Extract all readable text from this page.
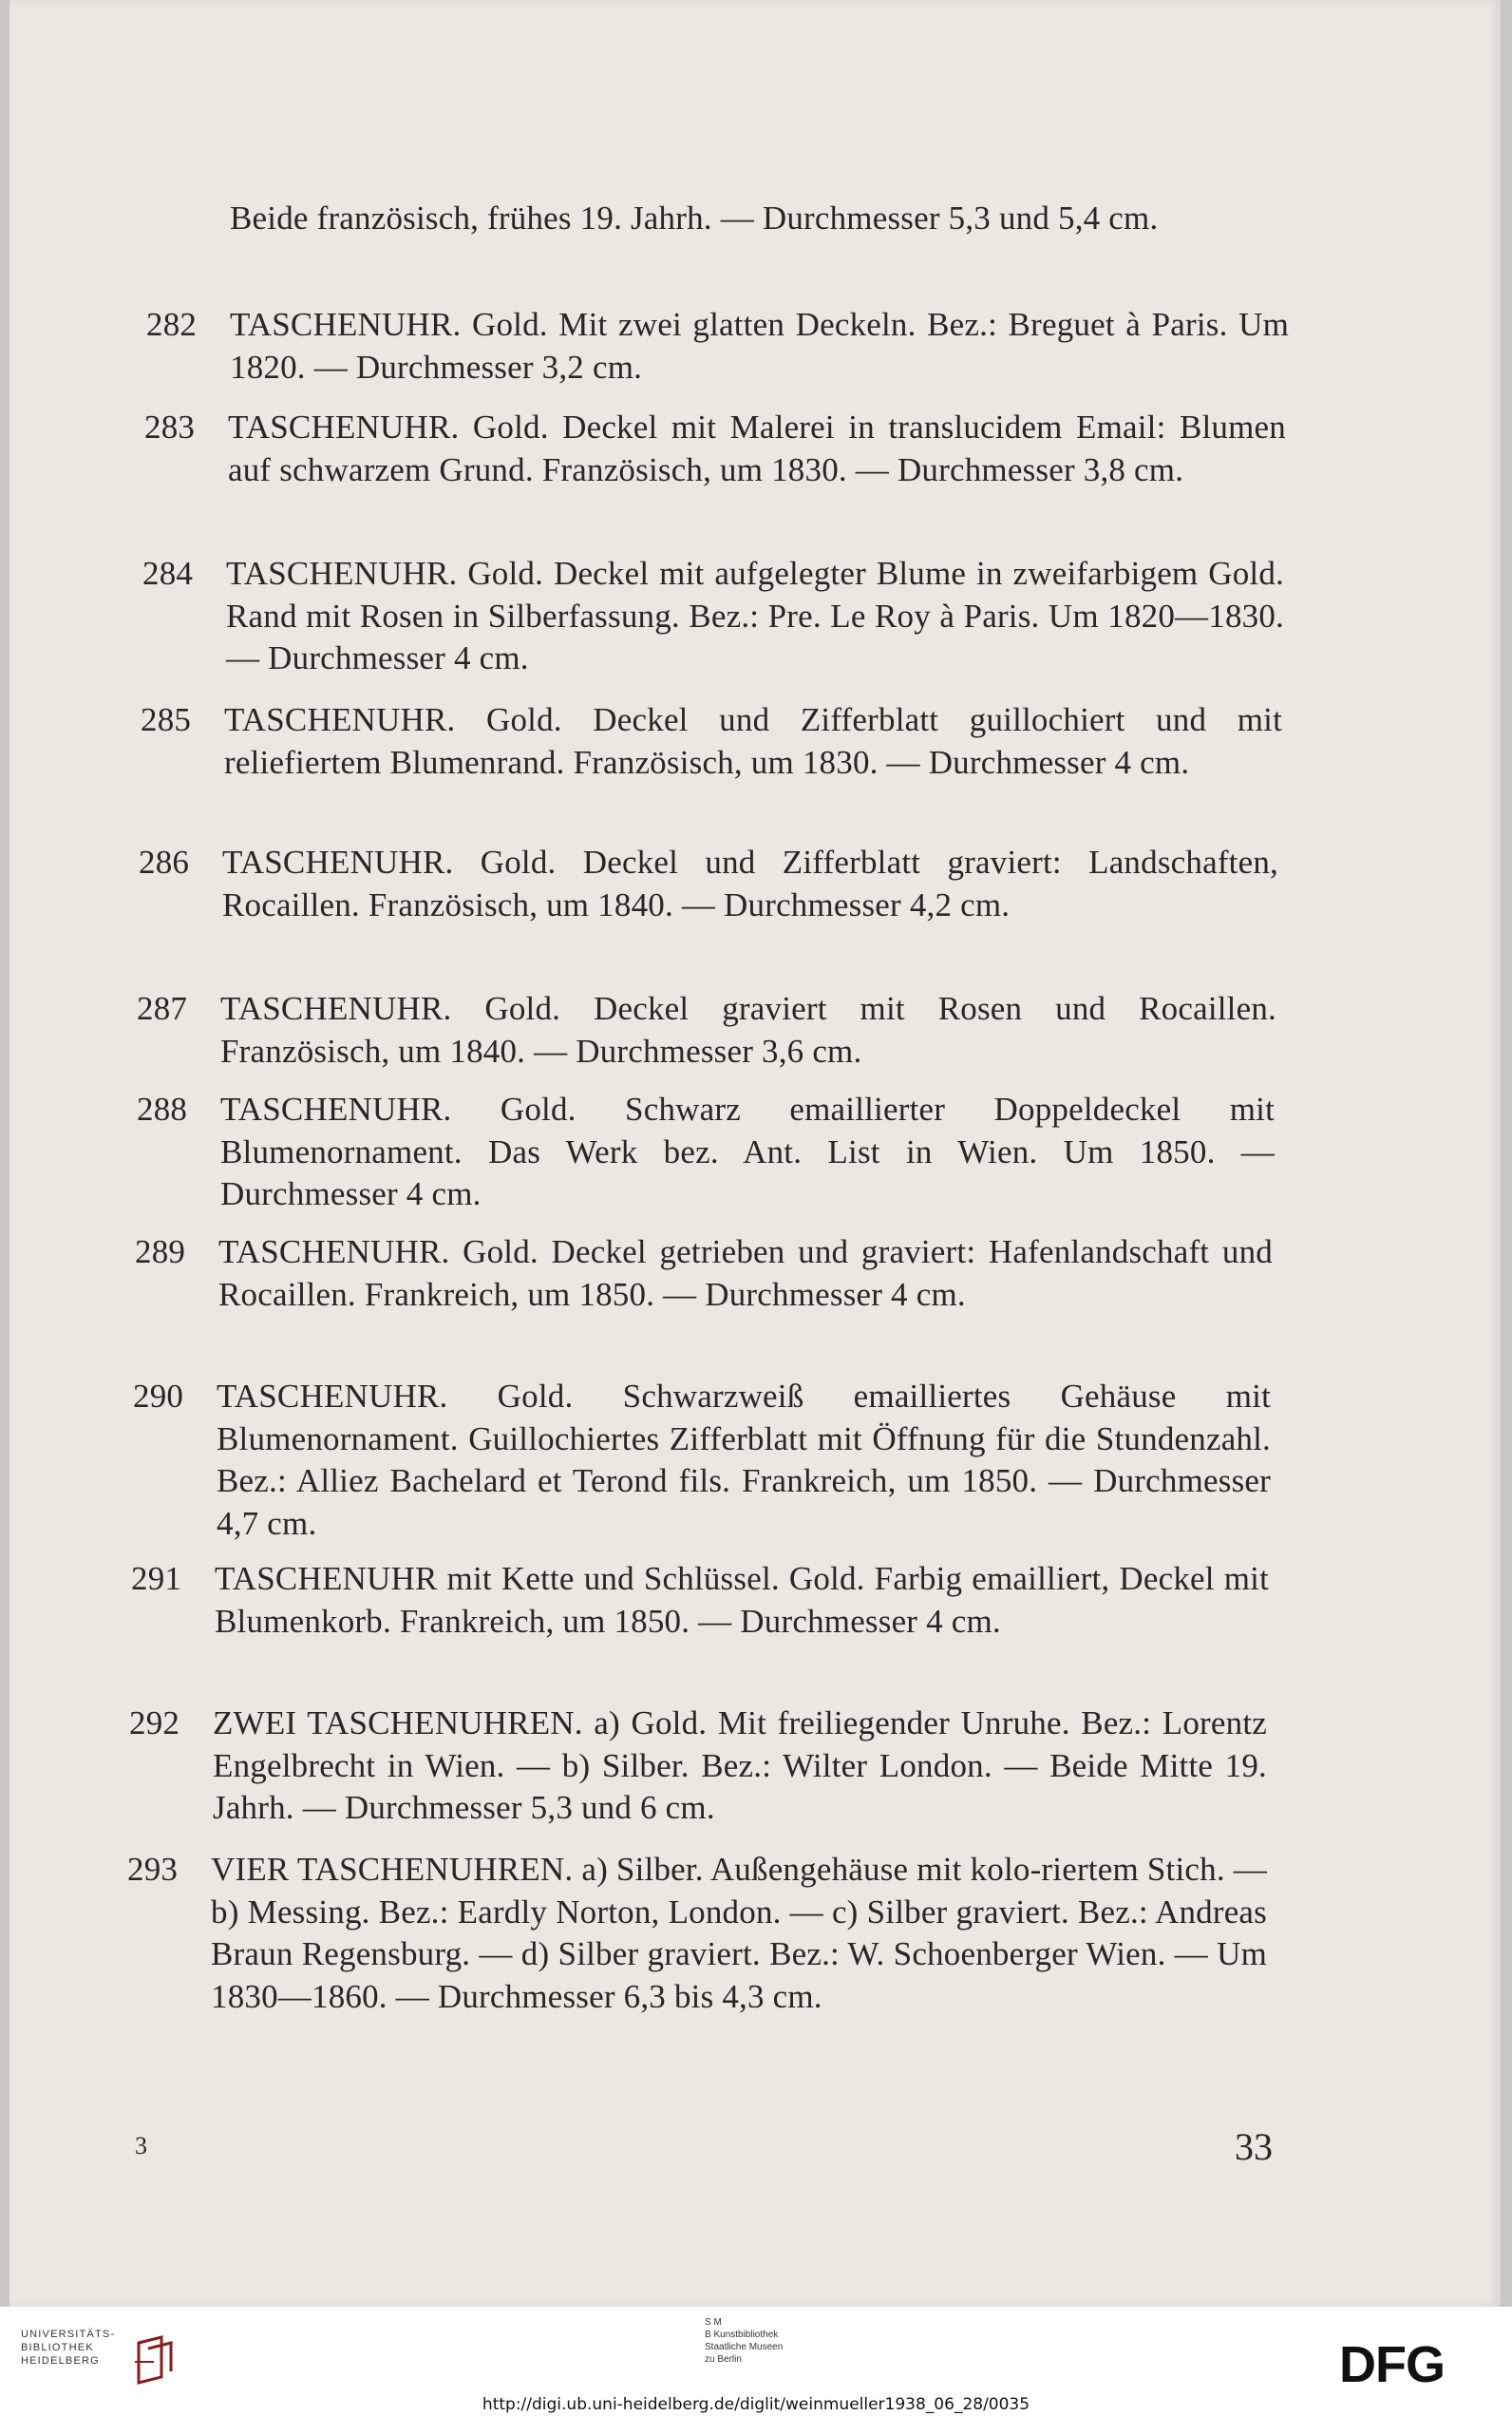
Beide französisch, frühes 19. Jahrh. — Durchmesser 5,3 und 5,4 cm.
282 TASCHENUHR. Gold. Mit zwei glatten Deckeln. Bez.: Breguet à Paris. Um 1820. — Durchmesser 3,2 cm.
283 TASCHENUHR. Gold. Deckel mit Malerei in translucidem Email: Blumen auf schwarzem Grund. Französisch, um 1830. — Durchmesser 3,8 cm.
284 TASCHENUHR. Gold. Deckel mit aufgelegter Blume in zweifarbigem Gold. Rand mit Rosen in Silberfassung. Bez.: Pre. Le Roy à Paris. Um 1820—1830. — Durchmesser 4 cm.
285 TASCHENUHR. Gold. Deckel und Zifferblatt guillochiert und mit reliefiertem Blumenrand. Französisch, um 1830. — Durchmesser 4 cm.
286 TASCHENUHR. Gold. Deckel und Zifferblatt graviert: Landschaften, Rocaillen. Französisch, um 1840. — Durchmesser 4,2 cm.
287 TASCHENUHR. Gold. Deckel graviert mit Rosen und Rocaillen. Französisch, um 1840. — Durchmesser 3,6 cm.
288 TASCHENUHR. Gold. Schwarz emaillierter Doppeldeckel mit Blumenornament. Das Werk bez. Ant. List in Wien. Um 1850. — Durchmesser 4 cm.
289 TASCHENUHR. Gold. Deckel getrieben und graviert: Hafenlandschaft und Rocaillen. Frankreich, um 1850. — Durchmesser 4 cm.
290 TASCHENUHR. Gold. Schwarzweiß emailliertes Gehäuse mit Blumenornament. Guillochiertes Zifferblatt mit Öffnung für die Stundenzahl. Bez.: Alliez Bachelard et Terond fils. Frankreich, um 1850. — Durchmesser 4,7 cm.
291 TASCHENUHR mit Kette und Schlüssel. Gold. Farbig emailliert, Deckel mit Blumenkorb. Frankreich, um 1850. — Durchmesser 4 cm.
292 ZWEI TASCHENUHREN. a) Gold. Mit freiliegender Unruhe. Bez.: Lorentz Engelbrecht in Wien. — b) Silber. Bez.: Wilter London. — Beide Mitte 19. Jahrh. — Durchmesser 5,3 und 6 cm.
293 VIER TASCHENUHREN. a) Silber. Außengehäuse mit kolo-riertem Stich. — b) Messing. Bez.: Eardly Norton, London. — c) Silber graviert. Bez.: Andreas Braun Regensburg. — d) Silber graviert. Bez.: W. Schoenberger Wien. — Um 1830—1860. — Durchmesser 6,3 bis 4,3 cm.
3	33
UNIVERSITÄTS-
BIBLIOTHEK
HEIDELBERG
S M
B Kunstbibliothek
Staatliche Museen
zu Berlin	DFG
http://digi.ub.uni-heidelberg.de/diglit/weinmueller1938_06_28/0035
